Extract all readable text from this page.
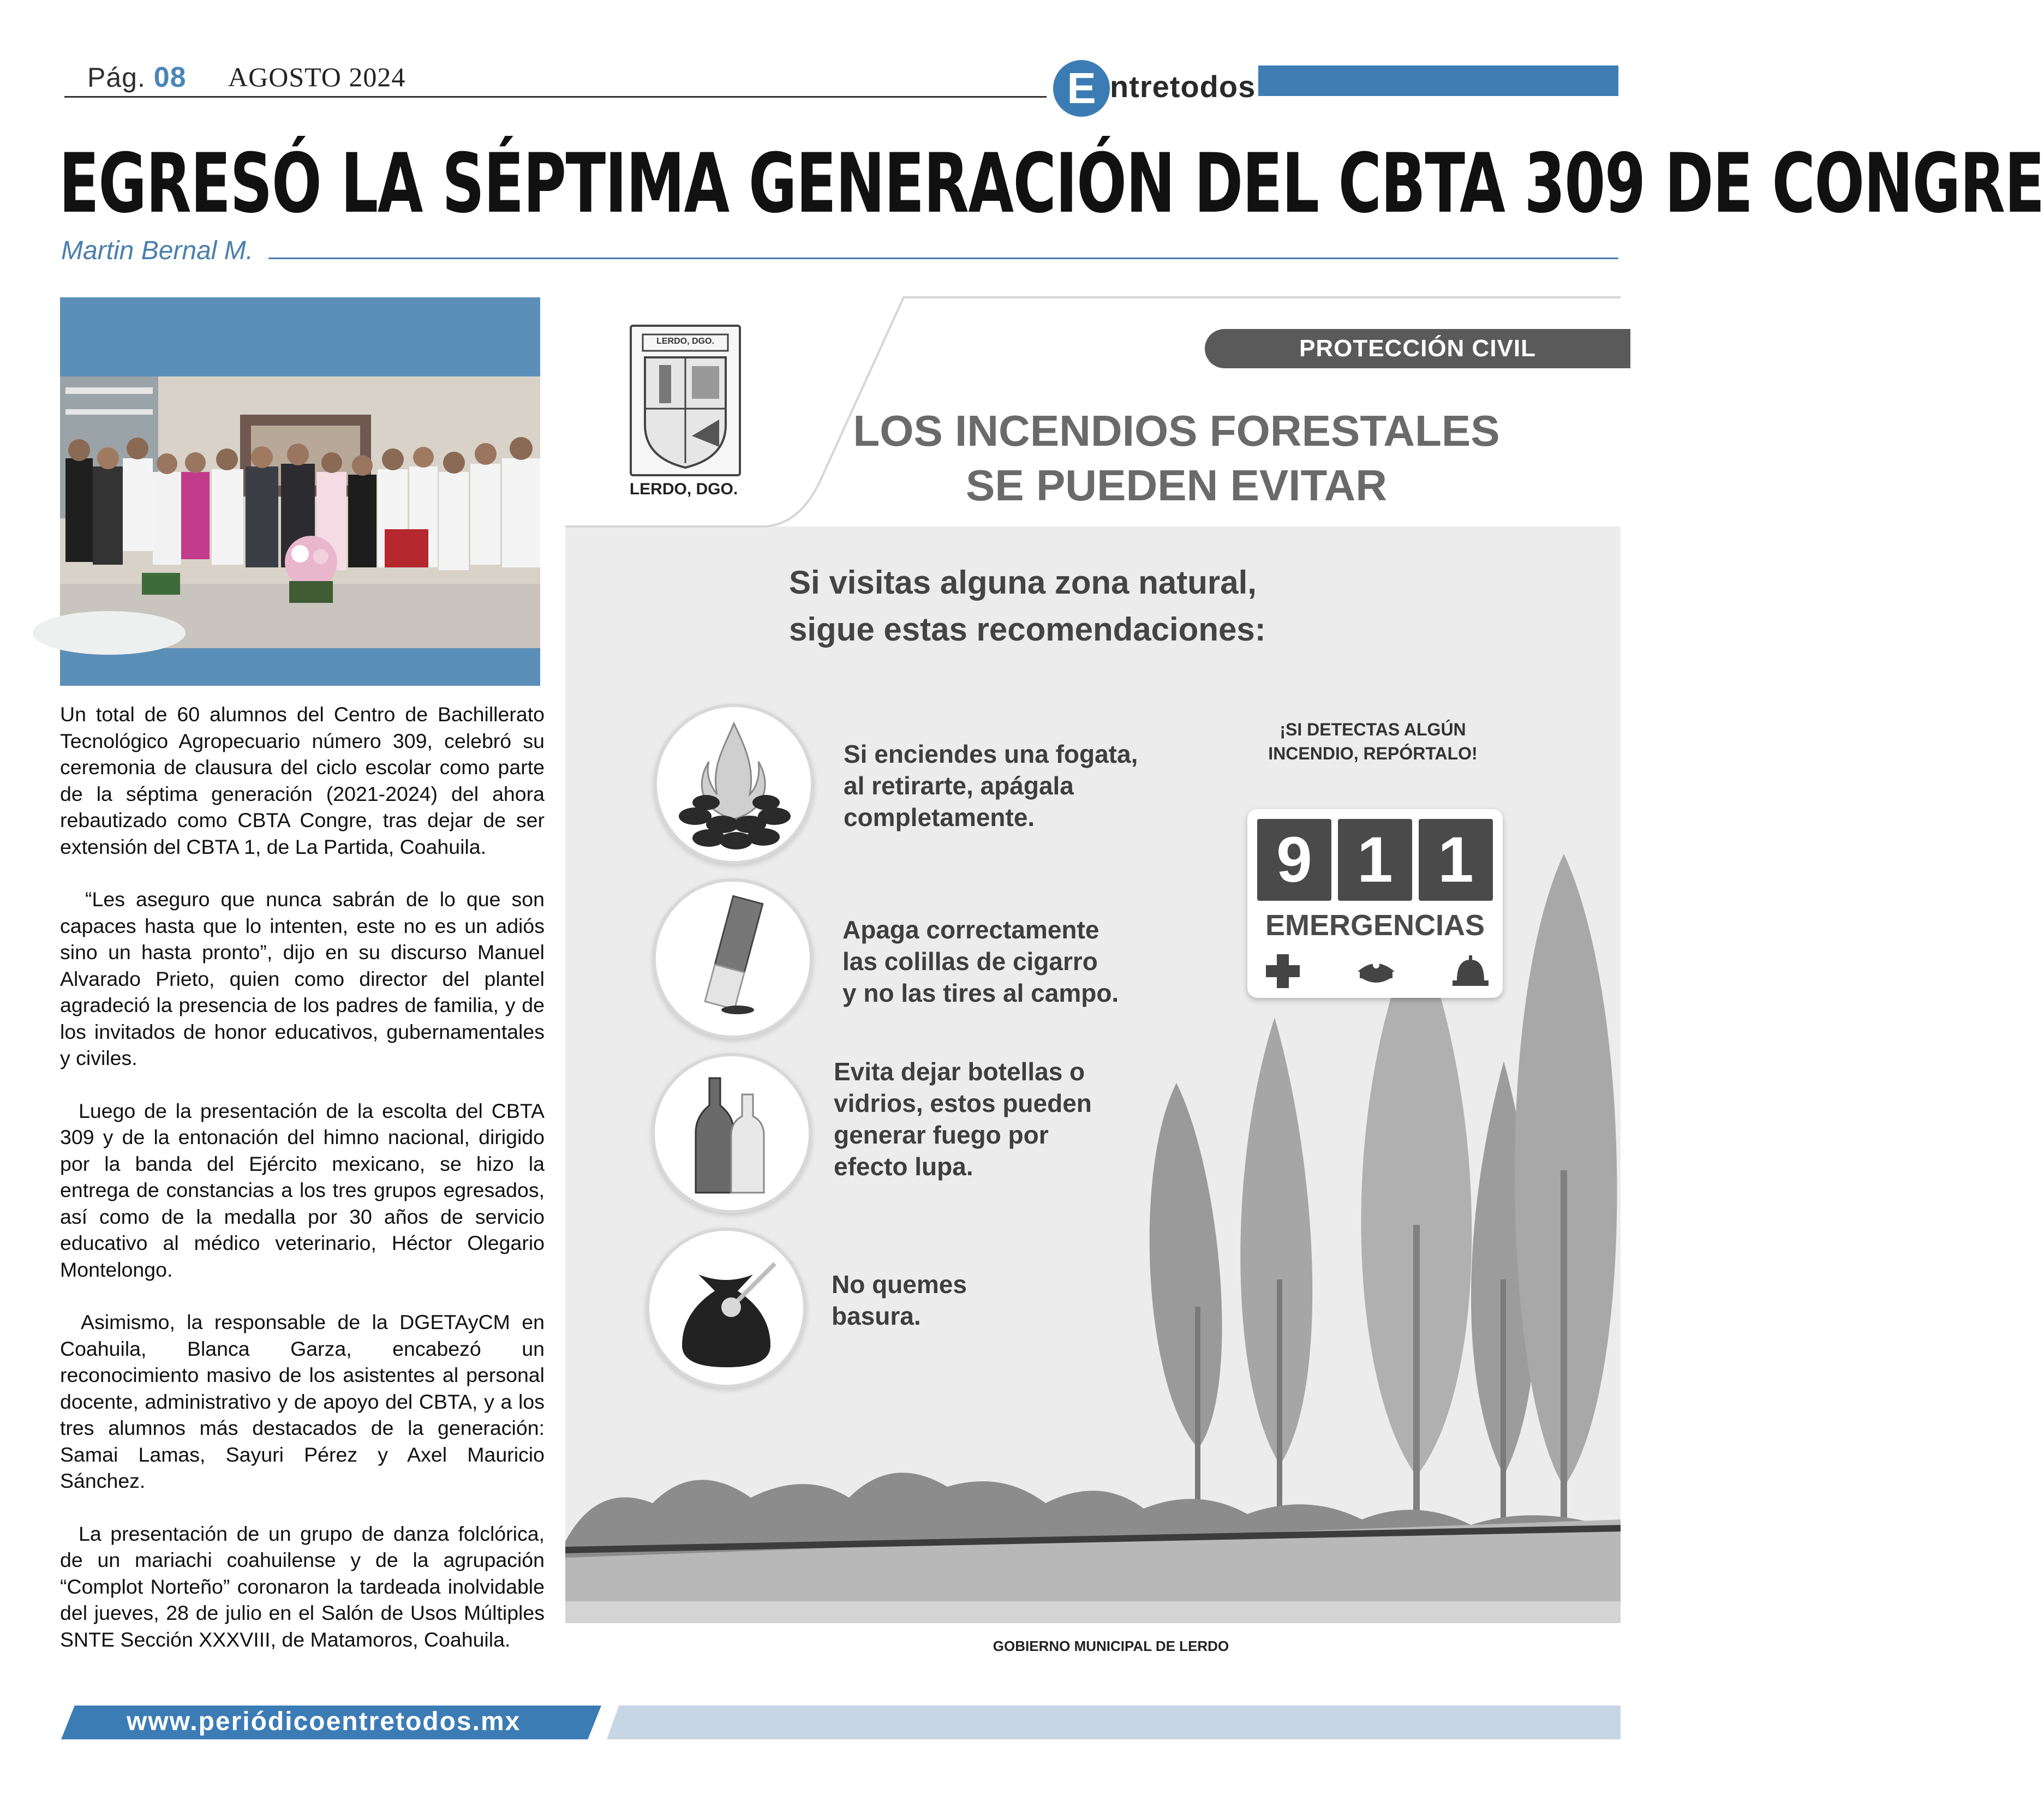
Pág. 08 AGOSTO 2024	E ntretodos
EGRESÓ LA SÉPTIMA GENERACIÓN DEL CBTA 309 DE CONGRE
Martin Bernal M.

Un total de 60 alumnos del Centro de Bachillerato Tecnológico Agropecuario número 309, celebró su ceremonia de clausura del ciclo escolar como parte de la séptima generación (2021-2024) del ahora rebautizado como CBTA Congre, tras dejar de ser extensión del CBTA 1, de La Partida, Coahuila.

“Les aseguro que nunca sabrán de lo que son capaces hasta que lo intenten, este no es un adiós sino un hasta pronto”, dijo en su discurso Manuel Alvarado Prieto, quien como director del plantel agradeció la presencia de los padres de familia, y de los invitados de honor educativos, gubernamentales y civiles.

Luego de la presentación de la escolta del CBTA 309 y de la entonación del himno nacional, dirigido por la banda del Ejército mexicano, se hizo la entrega de constancias a los tres grupos egresados, así como de la medalla por 30 años de servicio educativo al médico veterinario, Héctor Olegario Montelongo.

Asimismo, la responsable de la DGETAyCM en Coahuila, Blanca Garza, encabezó un reconocimiento masivo de los asistentes al personal docente, administrativo y de apoyo del CBTA, y a los tres alumnos más destacados de la generación: Samai Lamas, Sayuri Pérez y Axel Mauricio Sánchez.

La presentación de un grupo de danza folclórica, de un mariachi coahuilense y de la agrupación “Complot Norteño” coronaron la tardeada inolvidable del jueves, 28 de julio en el Salón de Usos Múltiples SNTE Sección XXXVIII, de Matamoros, Coahuila.

LERDO, DGO.
LERDO, DGO.
PROTECCIÓN CIVIL
LOS INCENDIOS FORESTALES
SE PUEDEN EVITAR
Si visitas alguna zona natural,
sigue estas recomendaciones:
Si enciendes una fogata,
al retirarte, apágala
completamente.
Apaga correctamente
las colillas de cigarro
y no las tires al campo.
Evita dejar botellas o
vidrios, estos pueden
generar fuego por
efecto lupa.
No quemes
basura.
¡SI DETECTAS ALGÚN
INCENDIO, REPÓRTALO!
9 1 1
EMERGENCIAS
GOBIERNO MUNICIPAL DE LERDO
www.periódicoentretodos.mx
